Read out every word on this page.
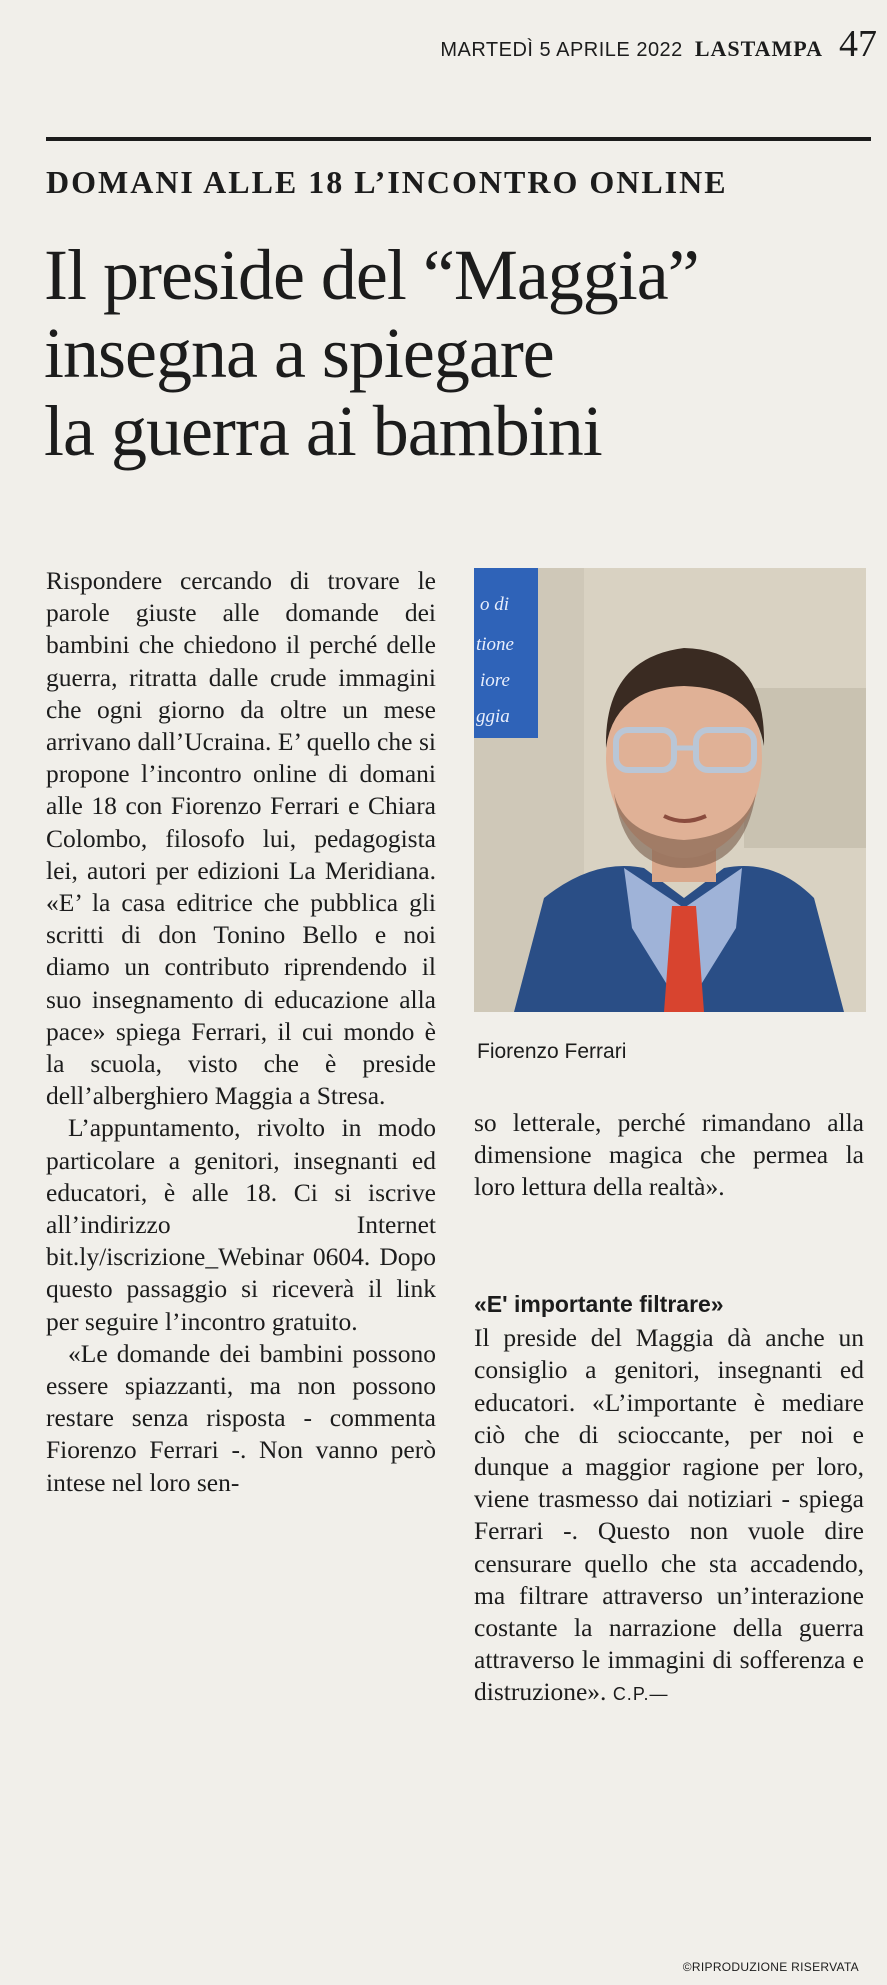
MARTEDÌ 5 APRILE 2022 LASTAMPA 47
DOMANI ALLE 18 L’INCONTRO ONLINE
Il preside del “Maggia”
insegna a spiegare
la guerra ai bambini

Rispondere cercando di trovare le parole giuste alle domande dei bambini che chiedono il perché delle guerra, ritratta dalle crude immagini che ogni giorno da oltre un mese arrivano dall’Ucraina. E’ quello che si propone l’incontro online di domani alle 18 con Fiorenzo Ferrari e Chiara Colombo, filosofo lui, pedagogista lei, autori per edizioni La Meridiana. «E’ la casa editrice che pubblica gli scritti di don Tonino Bello e noi diamo un contributo riprendendo il suo insegnamento di educazione alla pace» spiega Ferrari, il cui mondo è la scuola, visto che è preside dell’alberghiero Maggia a Stresa.

L’appuntamento, rivolto in modo particolare a genitori, insegnanti ed educatori, è alle 18. Ci si iscrive all’indirizzo Internet bit.ly/iscrizione_Webinar 0604. Dopo questo passaggio si riceverà il link per seguire l’incontro gratuito.

«Le domande dei bambini possono essere spiazzanti, ma non possono restare senza risposta - commenta Fiorenzo Ferrari -. Non vanno però intese nel loro sen-

o di
tione
iore
ggia
Fiorenzo Ferrari

so letterale, perché rimandano alla dimensione magica che permea la loro lettura della realtà».

«E' importante filtrare»

Il preside del Maggia dà anche un consiglio a genitori, insegnanti ed educatori. «L’importante è mediare ciò che di scioccante, per noi e dunque a maggior ragione per loro, viene trasmesso dai notiziari - spiega Ferrari -. Questo non vuole dire censurare quello che sta accadendo, ma filtrare attraverso un’interazione costante la narrazione della guerra attraverso le immagini di sofferenza e distruzione». C.P.—

©RIPRODUZIONE RISERVATA
